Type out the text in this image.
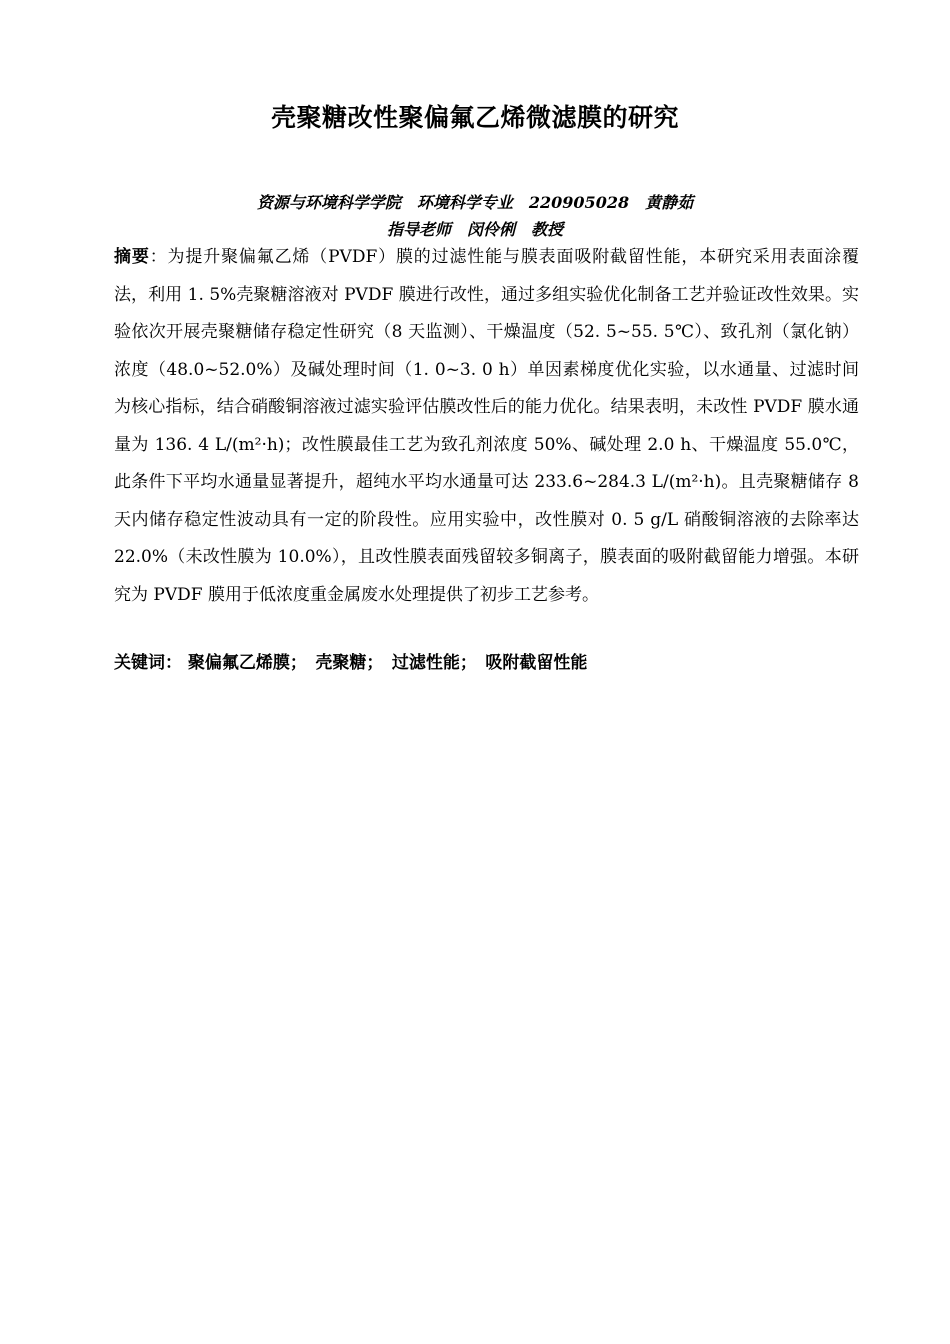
壳聚糖改性聚偏氟乙烯微滤膜的研究
资源与环境科学学院　环境科学专业　220905028　黄静茹
指导老师　闵伶俐　教授

摘要：为提升聚偏氟乙烯（PVDF）膜的过滤性能与膜表面吸附截留性能，本研究采用表面涂覆法，利用 1. 5%壳聚糖溶液对 PVDF 膜进行改性，通过多组实验优化制备工艺并验证改性效果。实验依次开展壳聚糖储存稳定性研究（8 天监测）、干燥温度（52. 5~55. 5℃）、致孔剂（氯化钠）浓度（48.0~52.0%）及碱处理时间（1. 0~3. 0 h）单因素梯度优化实验，以水通量、过滤时间为核心指标，结合硝酸铜溶液过滤实验评估膜改性后的能力优化。结果表明，未改性 PVDF 膜水通量为 136. 4 L/(m²·h)；改性膜最佳工艺为致孔剂浓度 50%、碱处理 2.0 h、干燥温度 55.0℃，此条件下平均水通量显著提升，超纯水平均水通量可达 233.6~284.3 L/(m²·h)。且壳聚糖储存 8 天内储存稳定性波动具有一定的阶段性。应用实验中，改性膜对 0. 5 g/L 硝酸铜溶液的去除率达 22.0%（未改性膜为 10.0%），且改性膜表面残留较多铜离子，膜表面的吸附截留能力增强。本研究为 PVDF 膜用于低浓度重金属废水处理提供了初步工艺参考。

关键词： 聚偏氟乙烯膜；　壳聚糖；　过滤性能；　吸附截留性能
